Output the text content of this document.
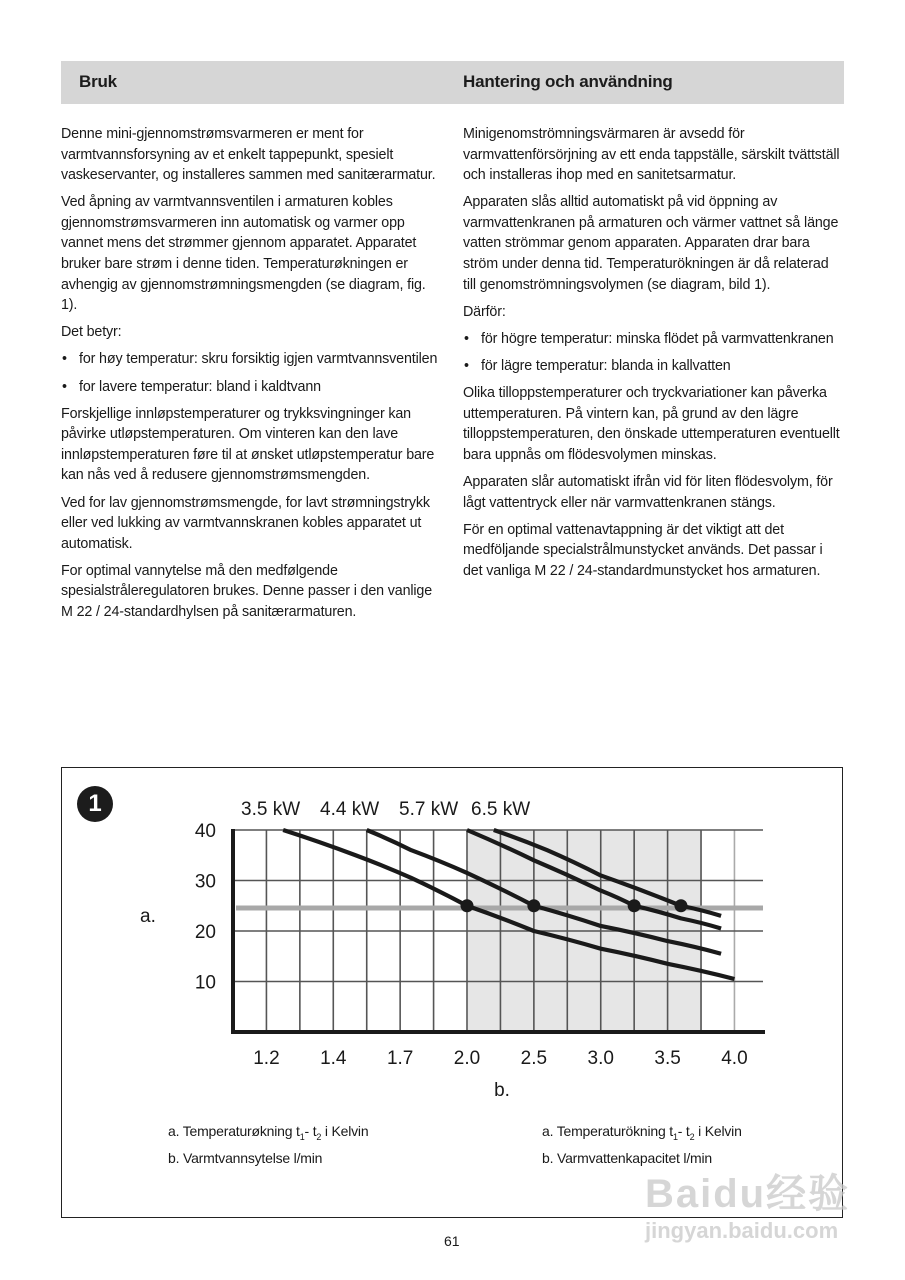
Bruk	Hantering och användning

Denne mini-gjennomstrømsvarmeren er ment for varmtvannsforsyning av et enkelt tappepunkt, spesielt vaskeservanter, og installeres sammen med sanitærarmatur.

Ved åpning av varmtvannsventilen i armaturen kobles gjennomstrømsvarmeren inn automatisk og varmer opp vannet mens det strømmer gjennom apparatet. Apparatet bruker bare strøm i denne tiden. Temperaturøkningen er avhengig av gjennomstrømningsmengden (se diagram, fig. 1).

Det betyr:

• for høy temperatur: skru forsiktig igjen varmtvannsventilen
• for lavere temperatur: bland i kaldtvann

Forskjellige innløpstemperaturer og trykksvingninger kan påvirke utløpstemperaturen. Om vinteren kan den lave innløpstemperaturen føre til at ønsket utløpstemperatur bare kan nås ved å redusere gjennomstrømsmengden.

Ved for lav gjennomstrømsmengde, for lavt strømningstrykk eller ved lukking av varmtvannskranen kobles apparatet ut automatisk.

For optimal vannytelse må den medfølgende spesialstråleregulatoren brukes. Denne passer i den vanlige M 22 / 24-standardhylsen på sanitærarmaturen.

Minigenomströmningsvärmaren är avsedd för varmvattenförsörjning av ett enda tappställe, särskilt tvättställ och installeras ihop med en sanitetsarmatur.

Apparaten slås alltid automatiskt på vid öppning av varmvattenkranen på armaturen och värmer vattnet så länge vatten strömmar genom apparaten. Apparaten drar bara ström under denna tid. Temperaturökningen är då relaterad till genomströmningsvolymen (se diagram, bild 1).

Därför:

• för högre temperatur: minska flödet på varmvattenkranen
• för lägre temperatur: blanda in kallvatten

Olika tilloppstemperaturer och tryckvariationer kan påverka uttemperaturen. På vintern kan, på grund av den lägre tilloppstemperaturen, den önskade uttemperaturen eventuellt bara uppnås om flödesvolymen minskas.

Apparaten slår automatiskt ifrån vid för liten flödesvolym, för lågt vattentryck eller när varmvattenkranen stängs.

För en optimal vattenavtappning är det viktigt att det medföljande specialstrålmunstycket används. Det passar i det vanliga M 22 / 24-standardmunstycket hos armaturen.

1	3.5 kW 4.4 kW 5.7 kW 6.5 kW
10
20
30
40
1.2 1.4 1.7 2.0 2.5 3.0 3.5 4.0
a.
b.
a. Temperaturøkning $t_1-$ $t_2$ i Kelvin
b. Varmtvannsytelse l/min
a. Temperaturökning $t_1-$ $t_2$ i Kelvin
b. Varmvattenkapacitet l/min
61
Baidu经验
jingyan.baidu.com
